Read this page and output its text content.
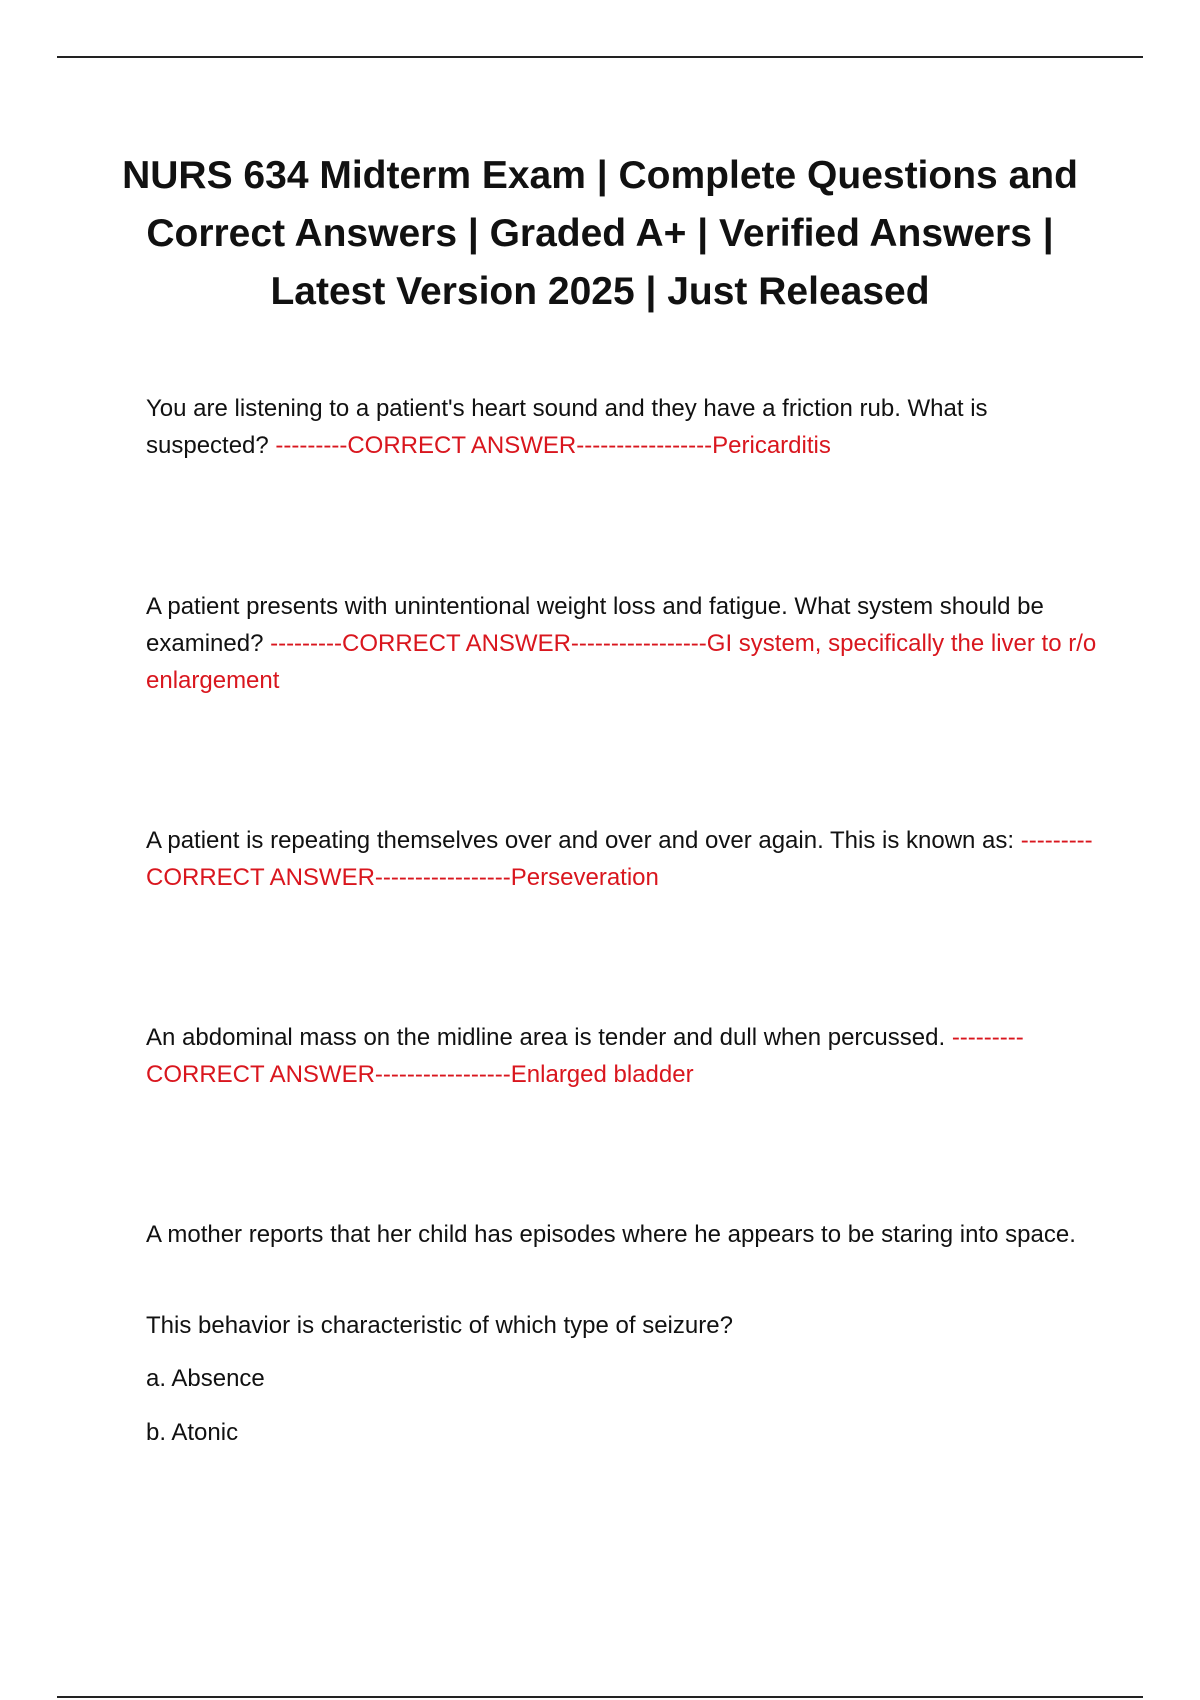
NURS 634 Midterm Exam | Complete Questions and Correct Answers | Graded A+ | Verified Answers | Latest Version 2025 | Just Released

You are listening to a patient's heart sound and they have a friction rub. What is suspected? ---------CORRECT ANSWER-----------------Pericarditis

A patient presents with unintentional weight loss and fatigue. What system should be examined? ---------CORRECT ANSWER-----------------GI system, specifically the liver to r/o enlargement

A patient is repeating themselves over and over and over again. This is known as: ---------CORRECT ANSWER-----------------Perseveration

An abdominal mass on the midline area is tender and dull when percussed. ---------CORRECT ANSWER-----------------Enlarged bladder

A mother reports that her child has episodes where he appears to be staring into space.

This behavior is characteristic of which type of seizure?

a. Absence

b. Atonic
